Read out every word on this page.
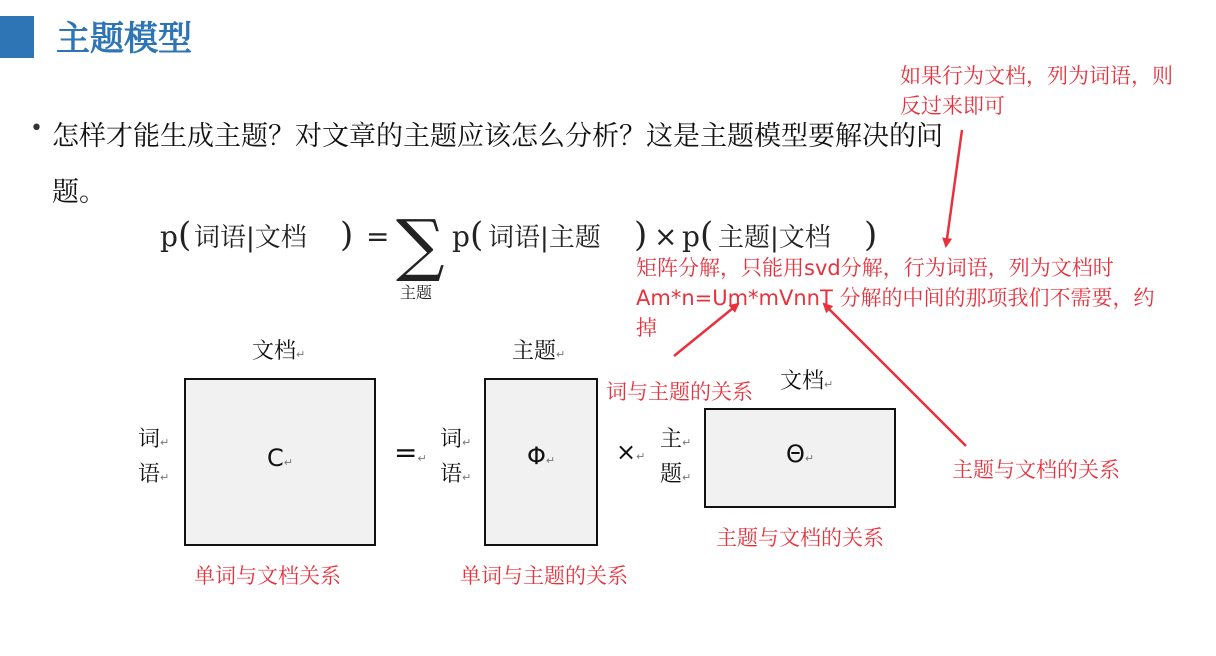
主题模型
• 怎样才能生成主题？对文章的主题应该怎么分析？这是主题模型要解决的问
题。
p ( 词语|文档 ) = ∑
主题
p ( 词语|主题 ) × p ( 主题|文档 )
文档↵
词↵
语↵
C↵
单词与文档关系
=↵
主题↵
词↵
语↵
Φ↵
单词与主题的关系
×↵
文档↵
主↵
题↵
Θ↵
主题与文档的关系
如果行为文档，列为词语，则
反过来即可
矩阵分解，只能用svd分解，行为词语，列为文档时
Am*n=Um*mVnnT 分解的中间的那项我们不需要，约
掉
词与主题的关系
主题与文档的关系
